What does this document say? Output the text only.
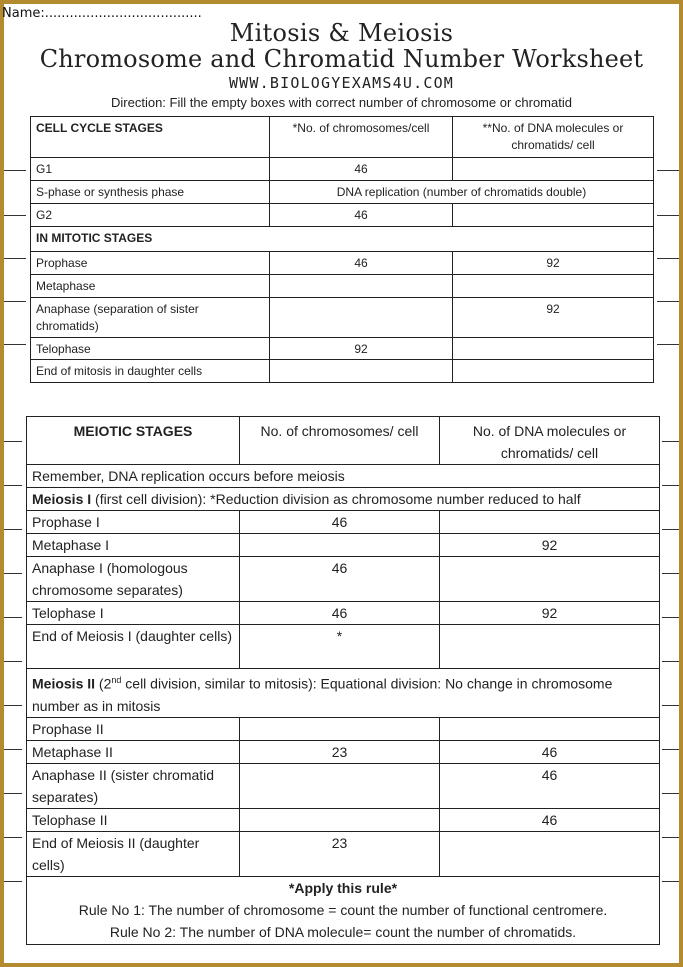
Name:......................................
Mitosis & Meiosis
Chromosome and Chromatid Number Worksheet
WWW.BIOLOGYEXAMS4U.COM
Direction: Fill the empty boxes with correct number of chromosome or chromatid
CELL CYCLE STAGES	*No. of chromosomes/cell	**No. of DNA molecules or chromatids/ cell
G1	46	
S-phase or synthesis phase	DNA replication (number of chromatids double)	
G2	46	
IN MITOTIC STAGES		
Prophase	46	92
Metaphase		
Anaphase (separation of sister chromatids)		92
Telophase	92	
End of mitosis in daughter cells		
MEIOTIC STAGES	No. of chromosomes/ cell	No. of DNA molecules or chromatids/ cell
Remember, DNA replication occurs before meiosis		
Meiosis I (first cell division): *Reduction division as chromosome number reduced to half		
Prophase I	46	
Metaphase I		92
Anaphase I (homologous chromosome separates)	46	
Telophase I	46	92
End of Meiosis I (daughter cells)	*	
Meiosis II (2nd cell division, similar to mitosis): Equational division: No change in chromosome number as in mitosis		
Prophase II		
Metaphase II	23	46
Anaphase II (sister chromatid separates)		46
Telophase II		46
End of Meiosis II (daughter cells)	23	

*Apply this rule*
Rule No 1: The number of chromosome = count the number of functional centromere.
Rule No 2: The number of DNA molecule= count the number of chromatids.		
